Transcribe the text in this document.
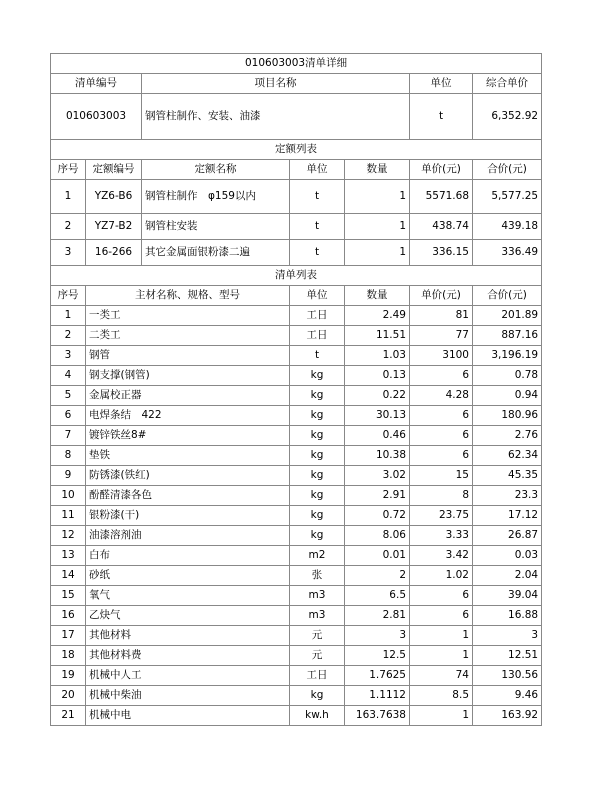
010603003清单详细						
清单编号		项目名称			单位	综合单价
010603003		钢管柱制作、安装、油漆			t	6,352.92
定额列表						
序号	定额编号	定额名称	单位	数量	单价(元)	合价(元)
1	YZ6-B6	钢管柱制作　φ159以内	t	1	5571.68	5,577.25
2	YZ7-B2	钢管柱安装	t	1	438.74	439.18
3	16-266	其它金属面银粉漆二遍	t	1	336.15	336.49
清单列表						
序号	主材名称、规格、型号		单位	数量	单价(元)	合价(元)
1	一类工		工日	2.49	81	201.89
2	二类工		工日	11.51	77	887.16
3	钢管		t	1.03	3100	3,196.19
4	钢支撑(钢管)		kg	0.13	6	0.78
5	金属校正器		kg	0.22	4.28	0.94
6	电焊条结　422		kg	30.13	6	180.96
7	镀锌铁丝8#		kg	0.46	6	2.76
8	垫铁		kg	10.38	6	62.34
9	防锈漆(铁红)		kg	3.02	15	45.35
10	酚醛清漆各色		kg	2.91	8	23.3
11	银粉漆(干)		kg	0.72	23.75	17.12
12	油漆溶剂油		kg	8.06	3.33	26.87
13	白布		m2	0.01	3.42	0.03
14	砂纸		张	2	1.02	2.04
15	氧气		m3	6.5	6	39.04
16	乙炔气		m3	2.81	6	16.88
17	其他材料		元	3	1	3
18	其他材料费		元	12.5	1	12.51
19	机械中人工		工日	1.7625	74	130.56
20	机械中柴油		kg	1.1112	8.5	9.46
21	机械中电		kw.h	163.7638	1	163.92
